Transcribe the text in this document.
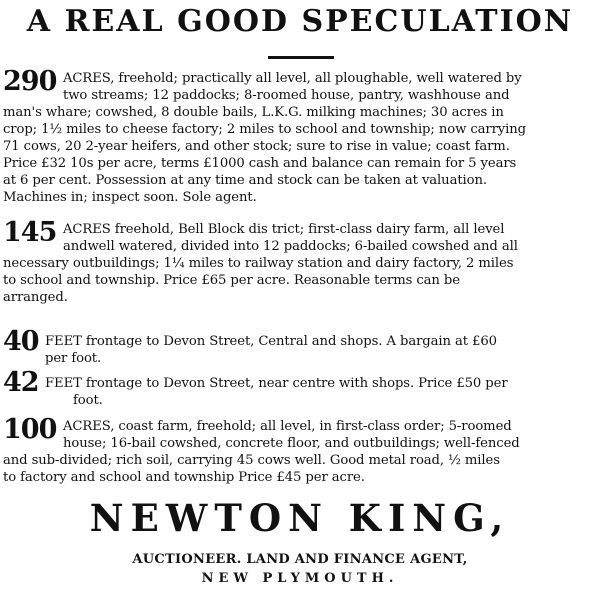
A REAL GOOD SPECULATION
290 ACRES, freehold; practically all level, all ploughable, well watered by
two streams; 12 paddocks; 8-roomed house, pantry, washhouse and
man's whare; cowshed, 8 double bails, L.K.G. milking machines; 30 acres in
crop; 1½ miles to cheese factory; 2 miles to school and township; now carrying
71 cows, 20 2-year heifers, and other stock; sure to rise in value; coast farm.
Price £32 10s per acre, terms £1000 cash and balance can remain for 5 years
at 6 per cent. Possession at any time and stock can be taken at valuation.
Machines in; inspect soon. Sole agent.
145 ACRES freehold, Bell Block dis trict; first-class dairy farm, all level
andwell watered, divided into 12 paddocks; 6-bailed cowshed and all
necessary outbuildings; 1¼ miles to railway station and dairy factory, 2 miles
to school and township. Price £65 per acre. Reasonable terms can be
arranged.
40 FEET frontage to Devon Street, Central and shops. A bargain at £60
per foot.
42 FEET frontage to Devon Street, near centre with shops. Price £50 per
foot.
100 ACRES, coast farm, freehold; all level, in first-class order; 5-roomed
house; 16-bail cowshed, concrete floor, and outbuildings; well-fenced
and sub-divided; rich soil, carrying 45 cows well. Good metal road, ½ miles
to factory and school and township Price £45 per acre.
NEWTON KING,
AUCTIONEER. LAND AND FINANCE AGENT,
NEW PLYMOUTH.
